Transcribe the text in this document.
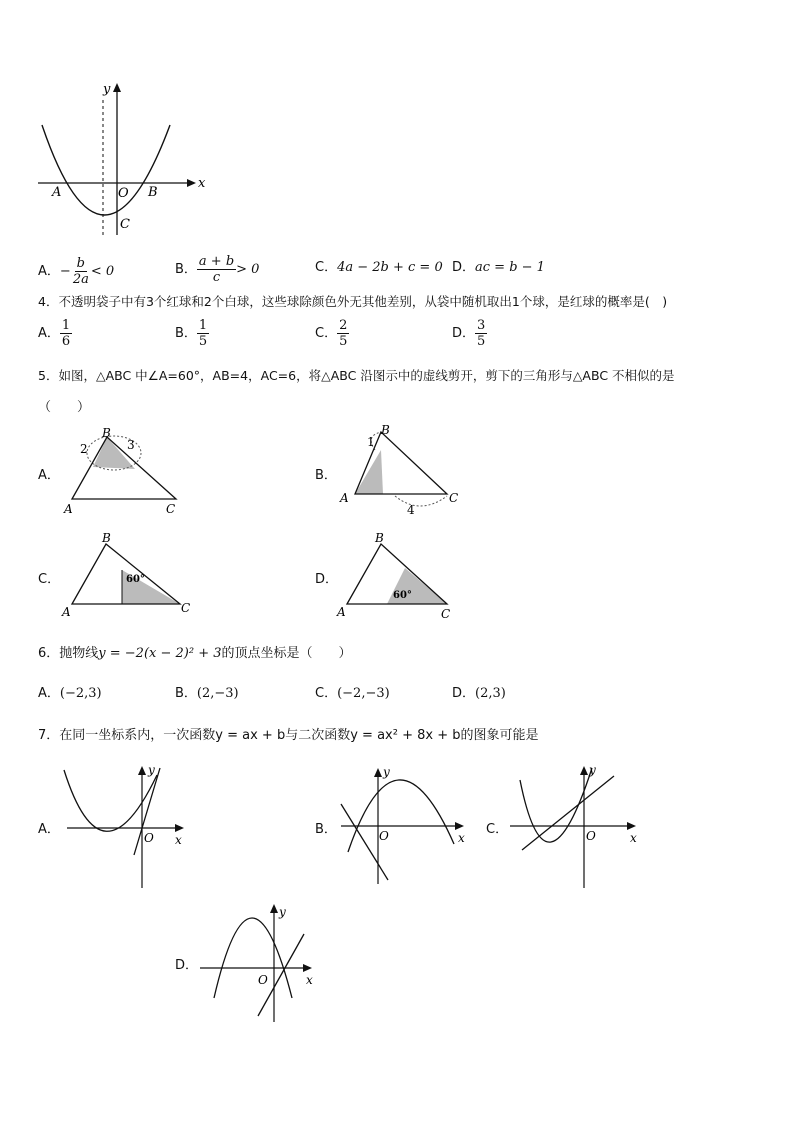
y
x
O
A	B
C
A．− $\frac{b}{2a} < 0$	B． $\frac{a + b}{c} > 0$	C．4a − 2b + c = 0 D．ac = b − 1
4．不透明袋子中有3个红球和2个白球，这些球除颜色外无其他差别，从袋中随机取出1个球，是红球的概率是(　)
A． $\frac{1}{6}$	B． $\frac{1}{5}$	C． $\frac{2}{5}$	D． $\frac{3}{5}$
5．如图，△ABC 中∠A=60°，AB=4，AC=6，将△ABC 沿图示中的虚线剪开，剪下的三角形与△ABC 不相似的是
（　　）
A．
B
A	C
2	3
B．
B
A	C
1
4
C．
B
A	C
60°	D．
B
A	C
60°
6．抛物线y = −2(x − 2)² + 3的顶点坐标是（　　）
A．(−2,3)	B．(2,−3)	C．(−2,−3)	D．(2,3)
7．在同一坐标系内，一次函数y = ax + b与二次函数y = ax² + 8x + b的图象可能是
A．
y
x
O
B．
y
x
O	C．
y
x
O
D．
y
x
O
